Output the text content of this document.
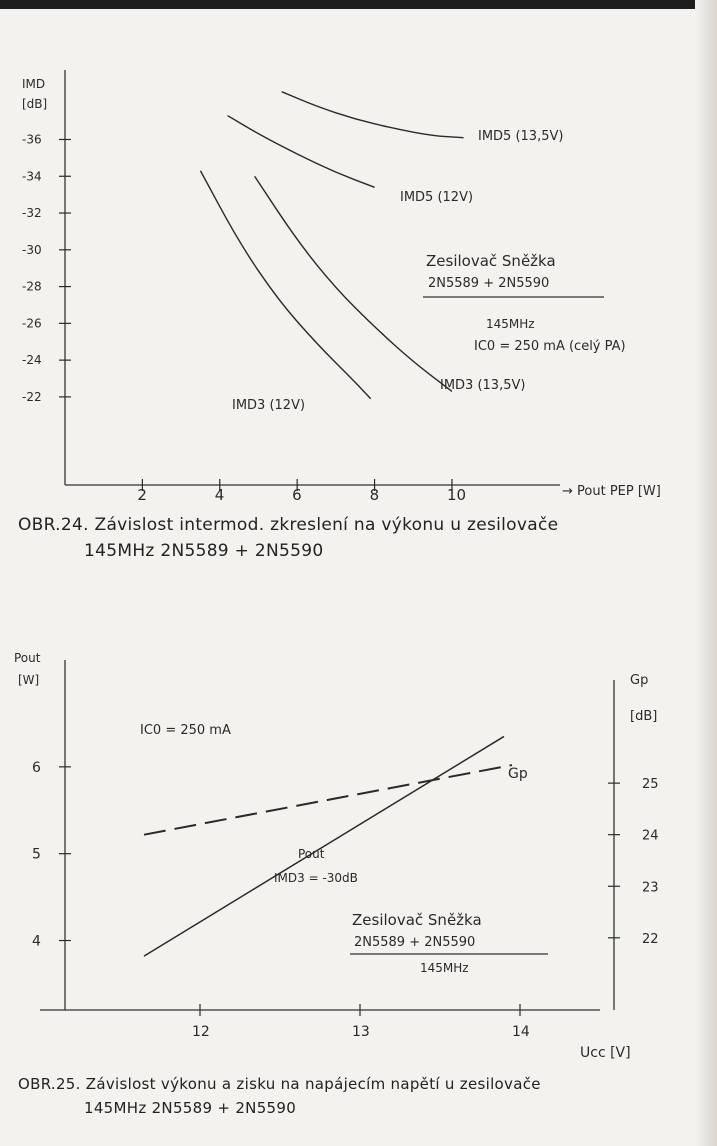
IMD
[dB]
→ Pout PEP [W]
-36
-34
-32
-30
-28
-26
-24
-22
2	4	6	8	10
IMD5 (13,5V)
IMD5 (12V)
IMD3 (13,5V)
IMD3 (12V)
Zesilovač Sněžka
2N5589 + 2N5590
145MHz
IC0 = 250 mA (celý PA)
OBR.24. Závislost intermod. zkreslení na výkonu u zesilovače
145MHz 2N5589 + 2N5590
Pout
[W]	Gp
[dB]
Ucc [V]
4
5
6
25
24
23
22
12	13	14
IC0 = 250 mA
Gp
Pout
IMD3 = -30dB
Zesilovač Sněžka
2N5589 + 2N5590
145MHz
OBR.25. Závislost výkonu a zisku na napájecím napětí u zesilovače
145MHz 2N5589 + 2N5590
